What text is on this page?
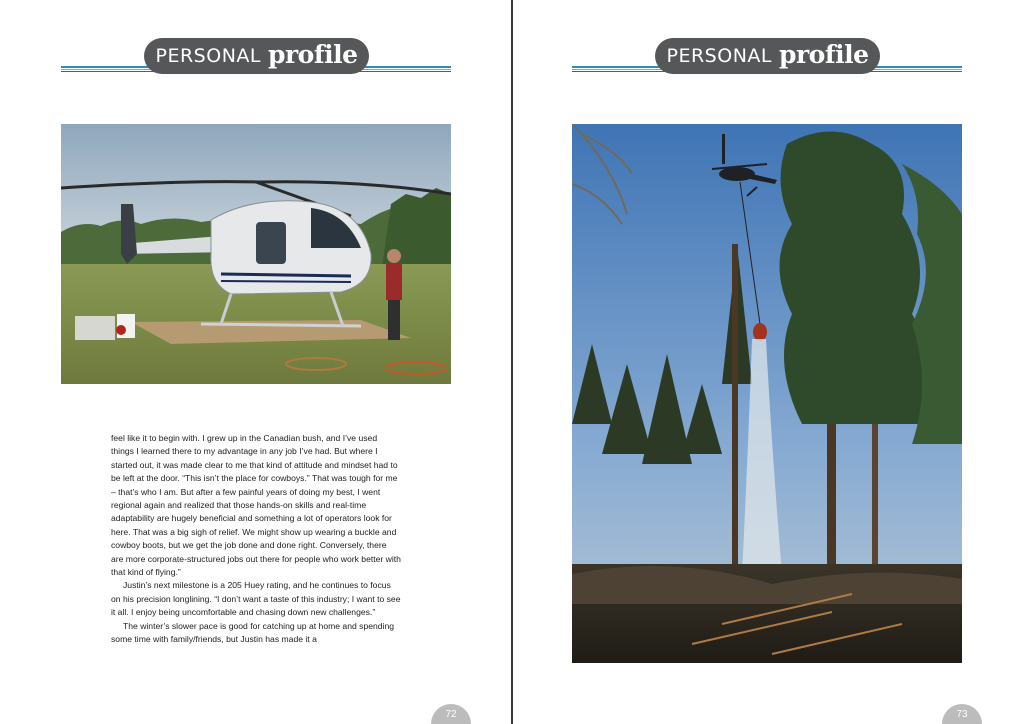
PERSONAL profile

feel like it to begin with. I grew up in the Canadian bush, and I’ve used things I learned there to my advantage in any job I’ve had. But where I started out, it was made clear to me that kind of attitude and mindset had to be left at the door. “This isn’t the place for cowboys.” That was tough for me – that’s who I am. But after a few painful years of doing my best, I went regional again and realized that those hands-on skills and real-time adaptability are hugely beneficial and something a lot of operators look for here. That was a big sigh of relief. We might show up wearing a buckle and cowboy boots, but we get the job done and done right. Conversely, there are more corporate-structured jobs out there for people who work better with that kind of flying.”

Justin’s next milestone is a 205 Huey rating, and he continues to focus on his precision longlining. “I don’t want a taste of this industry; I want to see it all. I enjoy being uncomfortable and chasing down new challenges.”

The winter’s slower pace is good for catching up at home and spending some time with family/friends, but Justin has made it a

72
PERSONAL profile
73
